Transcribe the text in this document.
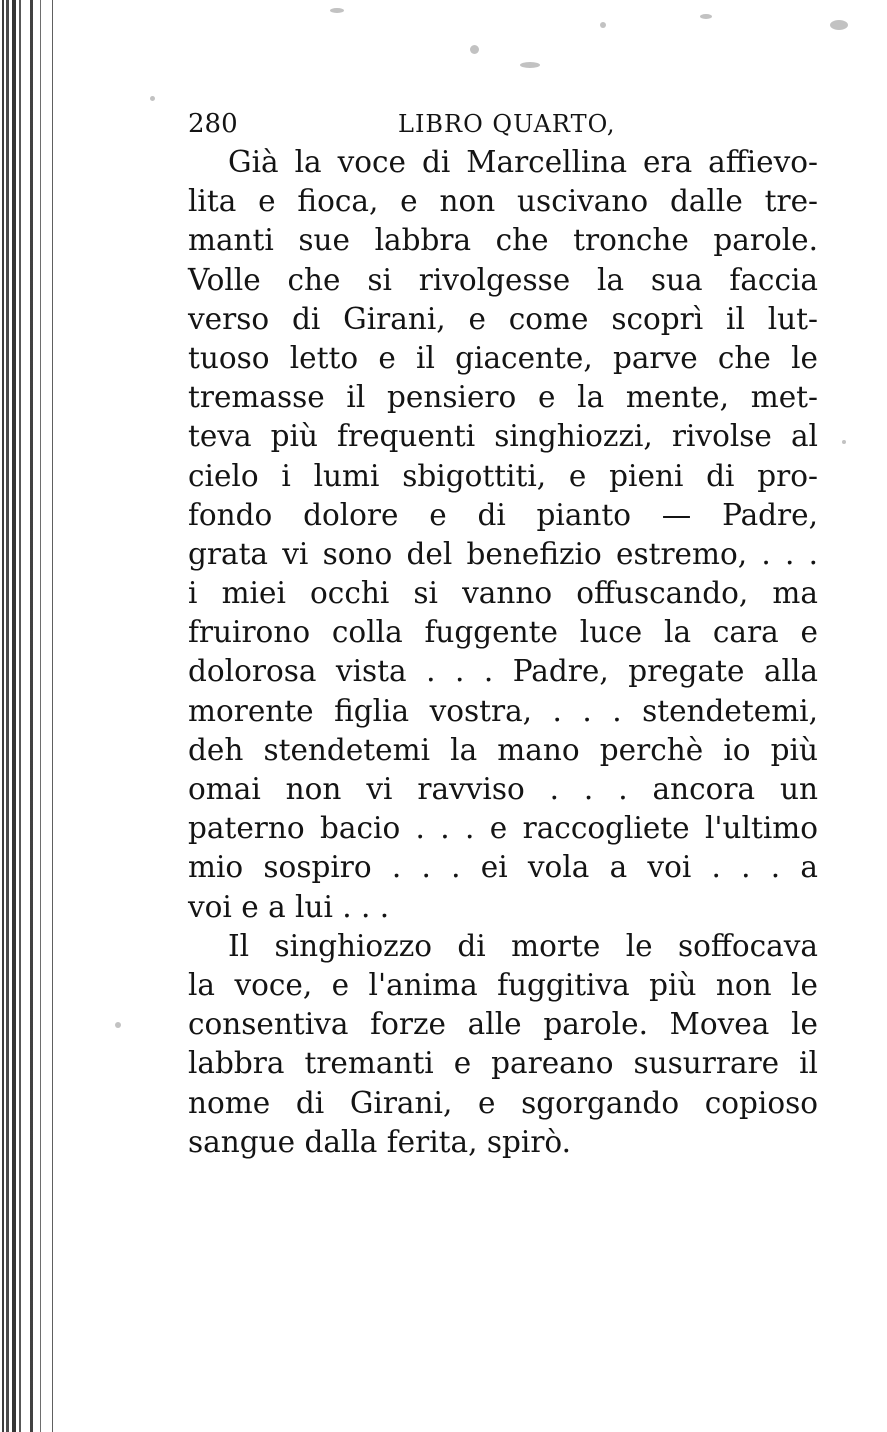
280	LIBRO QUARTO,
Già la voce di Marcellina era affievo-
lita e fioca, e non uscivano dalle tre-
manti sue labbra che tronche parole.
Volle che si rivolgesse la sua faccia
verso di Girani, e come scoprì il lut-
tuoso letto e il giacente, parve che le
tremasse il pensiero e la mente, met-
teva più frequenti singhiozzi, rivolse al
cielo i lumi sbigottiti, e pieni di pro-
fondo dolore e di pianto — Padre,
grata vi sono del benefizio estremo, . . .
i miei occhi si vanno offuscando, ma
fruirono colla fuggente luce la cara e
dolorosa vista . . . Padre, pregate alla
morente figlia vostra, . . . stendetemi,
deh stendetemi la mano perchè io più
omai non vi ravviso . . . ancora un
paterno bacio . . . e raccogliete l'ultimo
mio sospiro . . . ei vola a voi . . . a
voi e a lui . . .
Il singhiozzo di morte le soffocava
la voce, e l'anima fuggitiva più non le
consentiva forze alle parole. Movea le
labbra tremanti e pareano susurrare il
nome di Girani, e sgorgando copioso
sangue dalla ferita, spirò.
